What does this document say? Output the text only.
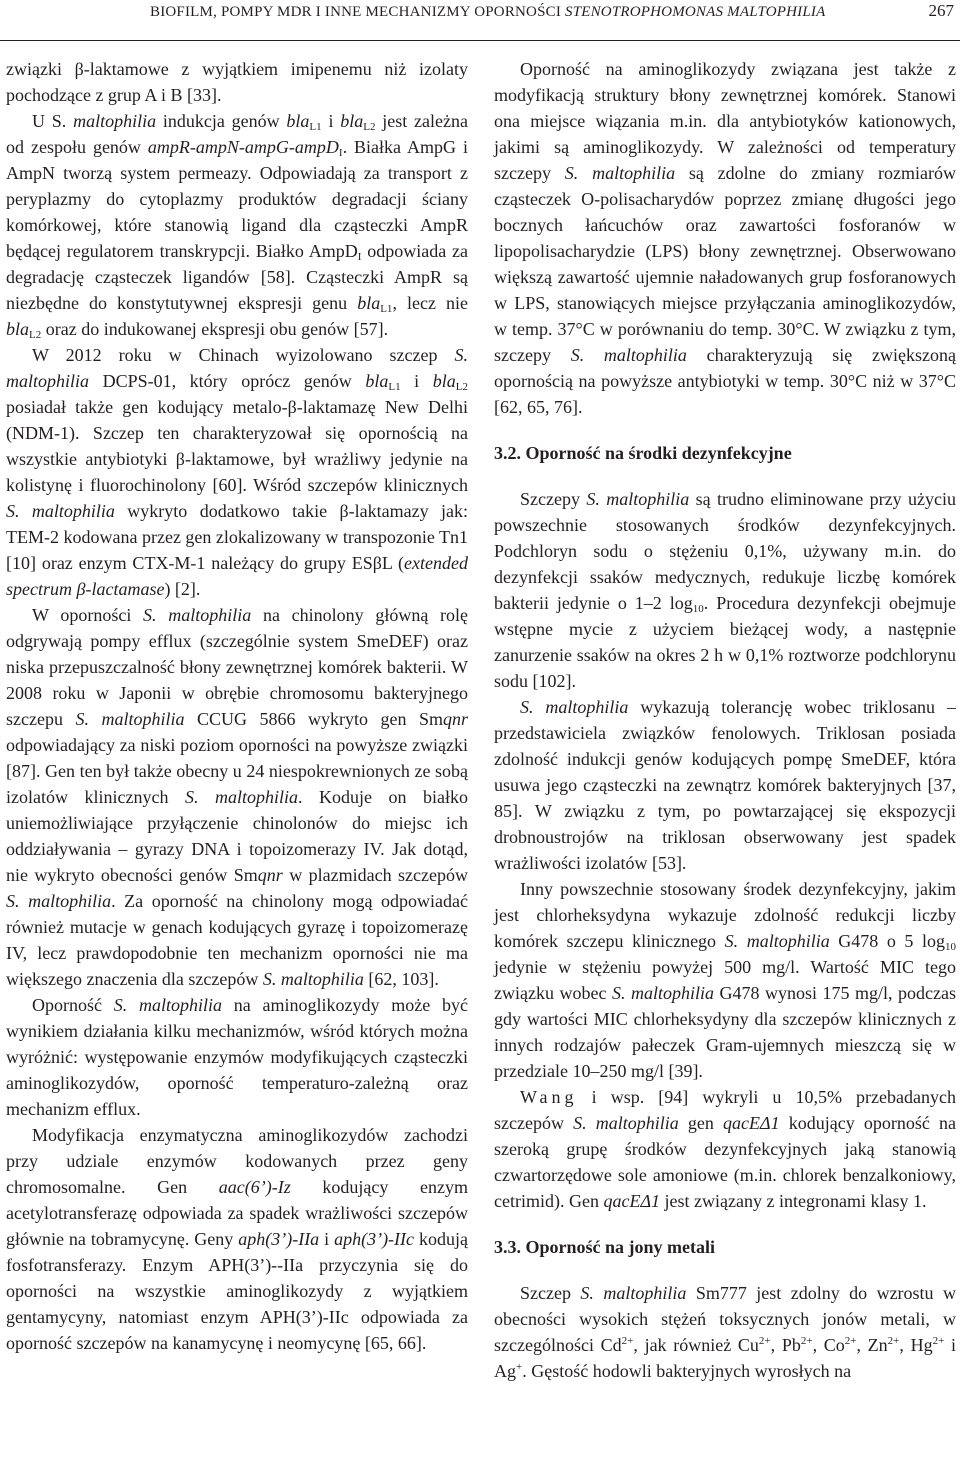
BIOFILM, POMPY MDR I INNE MECHANIZMY OPORNOŚCI STENOTROPHOMONAS MALTOPHILIA	267

związki β-laktamowe z wyjątkiem imipenemu niż izolaty pochodzące z grup A i B [33].

U S. maltophilia indukcja genów bla$_{L1}$ i bla$_{L2}$ jest zależna od zespołu genów ampR-ampN-ampG-ampD$_I$. Białka AmpG i AmpN tworzą system permeazy. Odpowiadają za transport z peryplazmy do cytoplazmy produktów degradacji ściany komórkowej, które stanowią ligand dla cząsteczki AmpR będącej regulatorem transkrypcji. Białko AmpD$_I$ odpowiada za degradację cząsteczek ligandów [58]. Cząsteczki AmpR są niezbędne do konstytutywnej ekspresji genu bla$_{L1}$, lecz nie bla$_{L2}$ oraz do indukowanej ekspresji obu genów [57].

W 2012 roku w Chinach wyizolowano szczep S. maltophilia DCPS-01, który oprócz genów bla$_{L1}$ i bla$_{L2}$ posiadał także gen kodujący metalo-β-laktamazę New Delhi (NDM-1). Szczep ten charakteryzował się opornością na wszystkie antybiotyki β-laktamowe, był wrażliwy jedynie na kolistynę i fluorochinolony [60]. Wśród szczepów klinicznych S. maltophilia wykryto dodatkowo takie β-laktamazy jak: TEM-2 kodowana przez gen zlokalizowany w transpozonie Tn1 [10] oraz enzym CTX-M-1 należący do grupy ESβL (extended spectrum β-lactamase) [2].

W oporności S. maltophilia na chinolony główną rolę odgrywają pompy efflux (szczególnie system SmeDEF) oraz niska przepuszczalność błony zewnętrznej komórek bakterii. W 2008 roku w Japonii w obrębie chromosomu bakteryjnego szczepu S. maltophilia CCUG 5866 wykryto gen Smqnr odpowiadający za niski poziom oporności na powyższe związki [87]. Gen ten był także obecny u 24 niespokrewnionych ze sobą izolatów klinicznych S. maltophilia. Koduje on białko uniemożliwiające przyłączenie chinolonów do miejsc ich oddziaływania – gyrazy DNA i topoizomerazy IV. Jak dotąd, nie wykryto obecności genów Smqnr w plazmidach szczepów S. maltophilia. Za oporność na chinolony mogą odpowiadać również mutacje w genach kodujących gyrazę i topoizomerazę IV, lecz prawdopodobnie ten mechanizm oporności nie ma większego znaczenia dla szczepów S. maltophilia [62, 103].

Oporność S. maltophilia na aminoglikozydy może być wynikiem działania kilku mechanizmów, wśród których można wyróżnić: występowanie enzymów modyfikujących cząsteczki aminoglikozydów, oporność temperaturo-zależną oraz mechanizm efflux.

Modyfikacja enzymatyczna aminoglikozydów zachodzi przy udziale enzymów kodowanych przez geny chromosomalne. Gen aac(6’)-Iz kodujący enzym acetylotransferazę odpowiada za spadek wrażliwości szczepów głównie na tobramycynę. Geny aph(3’)-IIa i aph(3’)-IIc kodują fosfotransferazy. Enzym APH(3’)--IIa przyczynia się do oporności na wszystkie aminoglikozydy z wyjątkiem gentamycyny, natomiast enzym APH(3’)-IIc odpowiada za oporność szczepów na kanamycynę i neomycynę [65, 66].

Oporność na aminoglikozydy związana jest także z modyfikacją struktury błony zewnętrznej komórek. Stanowi ona miejsce wiązania m.in. dla antybiotyków kationowych, jakimi są aminoglikozydy. W zależności od temperatury szczepy S. maltophilia są zdolne do zmiany rozmiarów cząsteczek O-polisacharydów poprzez zmianę długości jego bocznych łańcuchów oraz zawartości fosforanów w lipopolisacharydzie (LPS) błony zewnętrznej. Obserwowano większą zawartość ujemnie naładowanych grup fosforanowych w LPS, stanowiących miejsce przyłączania aminoglikozydów, w temp. 37°C w porównaniu do temp. 30°C. W związku z tym, szczepy S. maltophilia charakteryzują się zwiększoną opornością na powyższe antybiotyki w temp. 30°C niż w 37°C [62, 65, 76].

3.2. Oporność na środki dezynfekcyjne

Szczepy S. maltophilia są trudno eliminowane przy użyciu powszechnie stosowanych środków dezynfekcyjnych. Podchloryn sodu o stężeniu 0,1%, używany m.in. do dezynfekcji ssaków medycznych, redukuje liczbę komórek bakterii jedynie o 1–2 $\log_{10}$. Procedura dezynfekcji obejmuje wstępne mycie z użyciem bieżącej wody, a następnie zanurzenie ssaków na okres 2 h w 0,1% roztworze podchlorynu sodu [102].

S. maltophilia wykazują tolerancję wobec triklosanu – przedstawiciela związków fenolowych. Triklosan posiada zdolność indukcji genów kodujących pompę SmeDEF, która usuwa jego cząsteczki na zewnątrz komórek bakteryjnych [37, 85]. W związku z tym, po powtarzającej się ekspozycji drobnoustrojów na triklosan obserwowany jest spadek wrażliwości izolatów [53].

Inny powszechnie stosowany środek dezynfekcyjny, jakim jest chlorheksydyna wykazuje zdolność redukcji liczby komórek szczepu klinicznego S. maltophilia G478 o 5 $\log_{10}$ jedynie w stężeniu powyżej 500 mg/l. Wartość MIC tego związku wobec S. maltophilia G478 wynosi 175 mg/l, podczas gdy wartości MIC chlorheksydyny dla szczepów klinicznych z innych rodzajów pałeczek Gram-ujemnych mieszczą się w przedziale 10–250 mg/l [39].

Wang i wsp. [94] wykryli u 10,5% przebadanych szczepów S. maltophilia gen qacEΔ1 kodujący oporność na szeroką grupę środków dezynfekcyjnych jaką stanowią czwartorzędowe sole amoniowe (m.in. chlorek benzalkoniowy, cetrimid). Gen qacEΔ1 jest związany z integronami klasy 1.

3.3. Oporność na jony metali

Szczep S. maltophilia Sm777 jest zdolny do wzrostu w obecności wysokich stężeń toksycznych jonów metali, w szczególności $Cd^{2+}$, jak również $Cu^{2+}$, $Pb^{2+}$, $Co^{2+}$, $Zn^{2+}$, $Hg^{2+}$ i Ag+. Gęstość hodowli bakteryjnych wyrosłych na
